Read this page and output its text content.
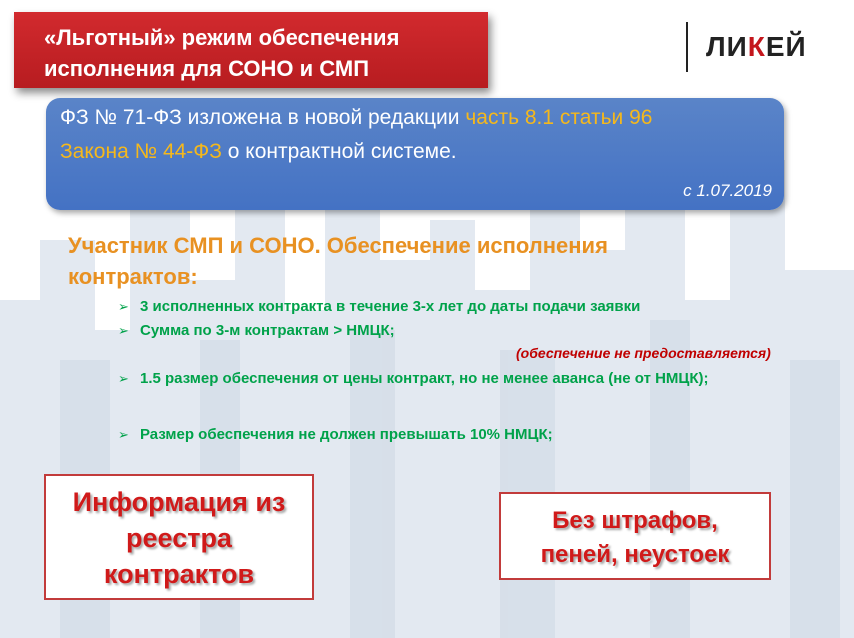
«Льготный» режим обеспечения
исполнения для СОНО и СМП
ЛИКЕЙ
ФЗ № 71-ФЗ изложена в новой редакции часть 8.1 статьи 96
Закона № 44-ФЗ о контрактной системе.
с 1.07.2019
Участник СМП и СОНО. Обеспечение исполнения
контрактов:
➢ 3 исполненных контракта в течение 3-х лет до даты подачи заявки
➢ Сумма по 3-м контрактам > НМЦК;
(обеспечение не предоставляется)
➢ 1.5 размер обеспечения от цены контракт, но не менее аванса (не от НМЦК);
➢ Размер обеспечения не должен превышать 10% НМЦК;
Информация из
реестра
контрактов
Без штрафов,
пеней, неустоек
